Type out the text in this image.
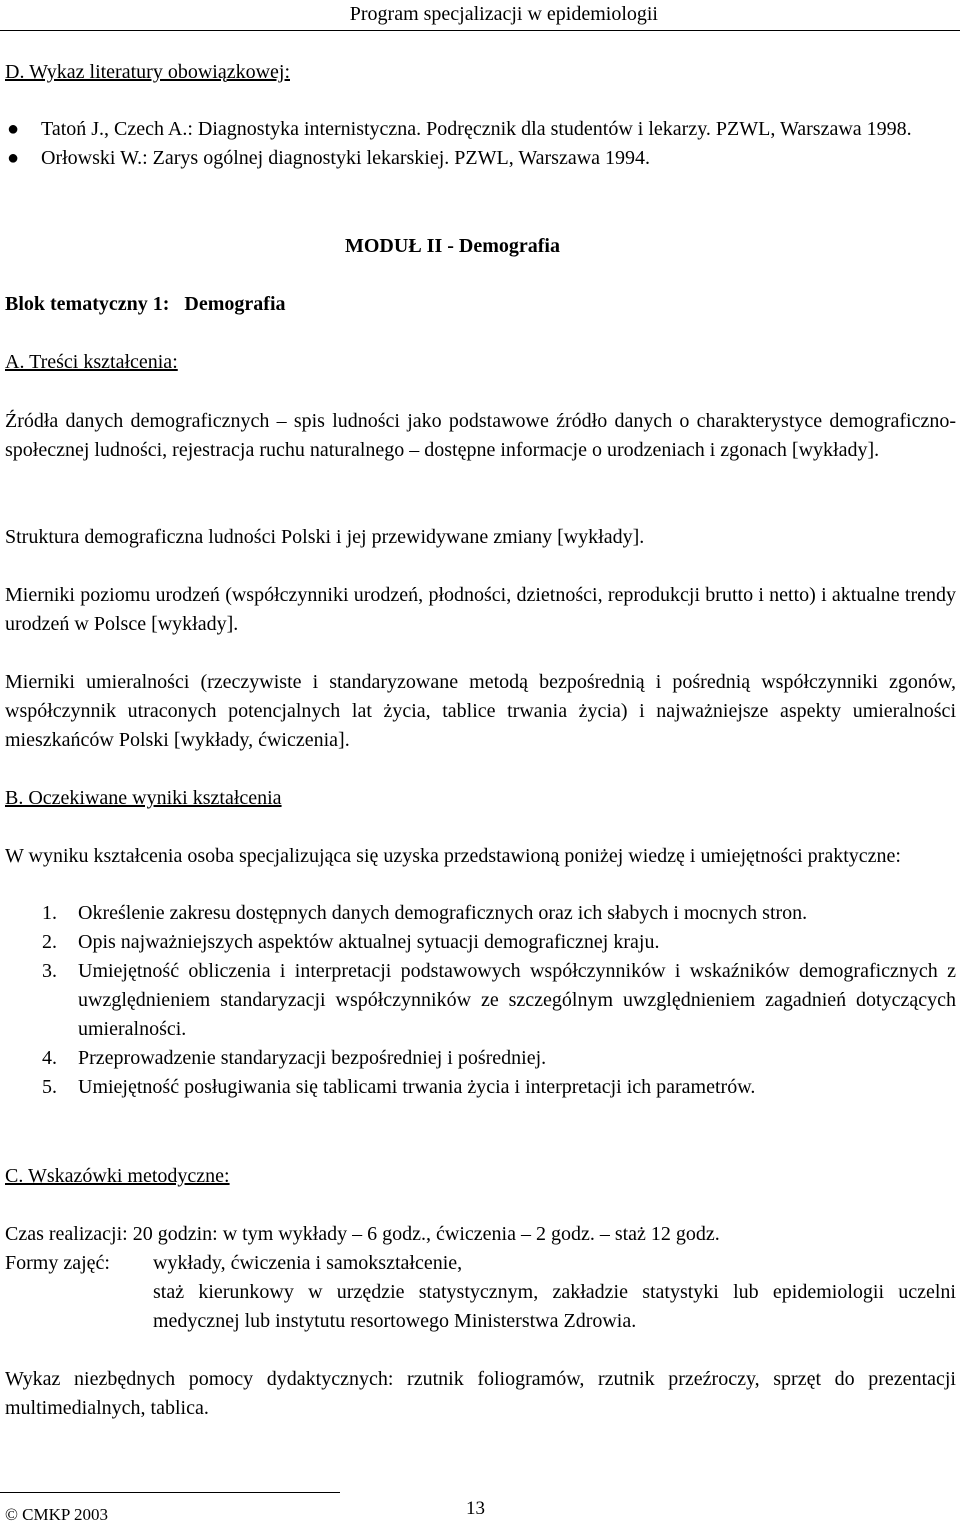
Program specjalizacji w epidemiologii
D. Wykaz literatury obowiązkowej:
● Tatoń J., Czech A.: Diagnostyka internistyczna. Podręcznik dla studentów i lekarzy. PZWL, Warszawa 1998.
● Orłowski W.: Zarys ogólnej diagnostyki lekarskiej. PZWL, Warszawa 1994.
MODUŁ II - Demografia
Blok tematyczny 1: Demografia
A. Treści kształcenia:
Źródła danych demograficznych – spis ludności jako podstawowe źródło danych o charakterystyce demograficzno-społecznej ludności, rejestracja ruchu naturalnego – dostępne informacje o urodzeniach i zgonach [wykłady].
Struktura demograficzna ludności Polski i jej przewidywane zmiany [wykłady].
Mierniki poziomu urodzeń (współczynniki urodzeń, płodności, dzietności, reprodukcji brutto i netto) i aktualne trendy urodzeń w Polsce [wykłady].
Mierniki umieralności (rzeczywiste i standaryzowane metodą bezpośrednią i pośrednią współczynniki zgonów, współczynnik utraconych potencjalnych lat życia, tablice trwania życia) i najważniejsze aspekty umieralności mieszkańców Polski [wykłady, ćwiczenia].
B. Oczekiwane wyniki kształcenia
W wyniku kształcenia osoba specjalizująca się uzyska przedstawioną poniżej wiedzę i umiejętności praktyczne:
1. Określenie zakresu dostępnych danych demograficznych oraz ich słabych i mocnych stron.
2. Opis najważniejszych aspektów aktualnej sytuacji demograficznej kraju.
3. Umiejętność obliczenia i interpretacji podstawowych współczynników i wskaźników demograficznych z uwzględnieniem standaryzacji współczynników ze szczególnym uwzględnieniem zagadnień dotyczących umieralności.
4. Przeprowadzenie standaryzacji bezpośredniej i pośredniej.
5. Umiejętność posługiwania się tablicami trwania życia i interpretacji ich parametrów.
C. Wskazówki metodyczne:
Czas realizacji: 20 godzin: w tym wykłady – 6 godz., ćwiczenia – 2 godz. – staż 12 godz.
Formy zajęć: wykłady, ćwiczenia i samokształcenie,
staż kierunkowy w urzędzie statystycznym, zakładzie statystyki lub epidemiologii uczelni medycznej lub instytutu resortowego Ministerstwa Zdrowia.
Wykaz niezbędnych pomocy dydaktycznych: rzutnik foliogramów, rzutnik przeźroczy, sprzęt do prezentacji multimedialnych, tablica.
© CMKP 2003	13
